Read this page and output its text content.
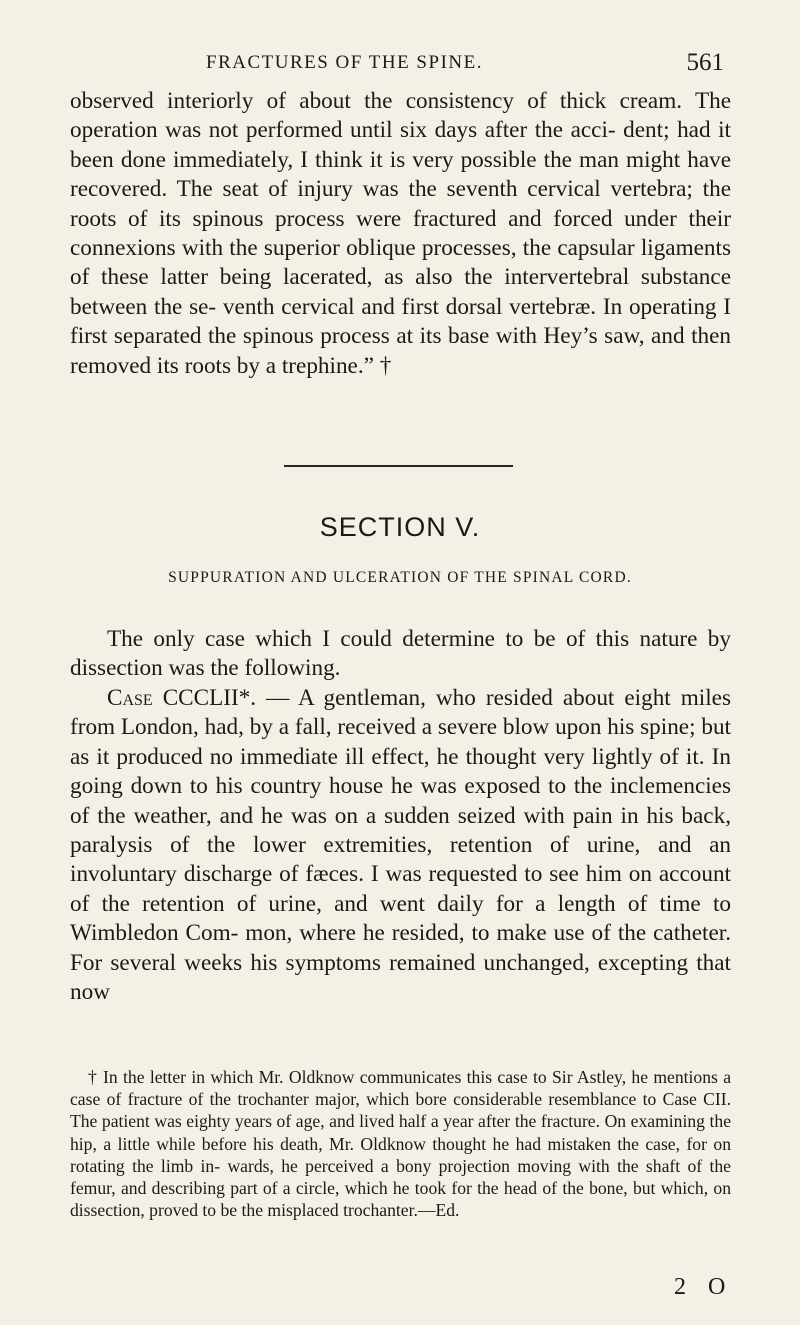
FRACTURES OF THE SPINE.	561

observed interiorly of about the consistency of thick cream. The operation was not performed until six days after the acci- dent; had it been done immediately, I think it is very possible the man might have recovered. The seat of injury was the seventh cervical vertebra; the roots of its spinous process were fractured and forced under their connexions with the superior oblique processes, the capsular ligaments of these latter being lacerated, as also the intervertebral substance between the se- venth cervical and first dorsal vertebræ. In operating I first separated the spinous process at its base with Hey’s saw, and then removed its roots by a trephine.” †

SECTION V.
SUPPURATION AND ULCERATION OF THE SPINAL CORD.

The only case which I could determine to be of this nature by dissection was the following.

Case CCCLII*. — A gentleman, who resided about eight miles from London, had, by a fall, received a severe blow upon his spine; but as it produced no immediate ill effect, he thought very lightly of it. In going down to his country house he was exposed to the inclemencies of the weather, and he was on a sudden seized with pain in his back, paralysis of the lower extremities, retention of urine, and an involuntary discharge of fæces. I was requested to see him on account of the retention of urine, and went daily for a length of time to Wimbledon Com- mon, where he resided, to make use of the catheter. For several weeks his symptoms remained unchanged, excepting that now

† In the letter in which Mr. Oldknow communicates this case to Sir Astley, he mentions a case of fracture of the trochanter major, which bore considerable resemblance to Case CII. The patient was eighty years of age, and lived half a year after the fracture. On examining the hip, a little while before his death, Mr. Oldknow thought he had mistaken the case, for on rotating the limb in- wards, he perceived a bony projection moving with the shaft of the femur, and describing part of a circle, which he took for the head of the bone, but which, on dissection, proved to be the misplaced trochanter.—Ed.

2 O
